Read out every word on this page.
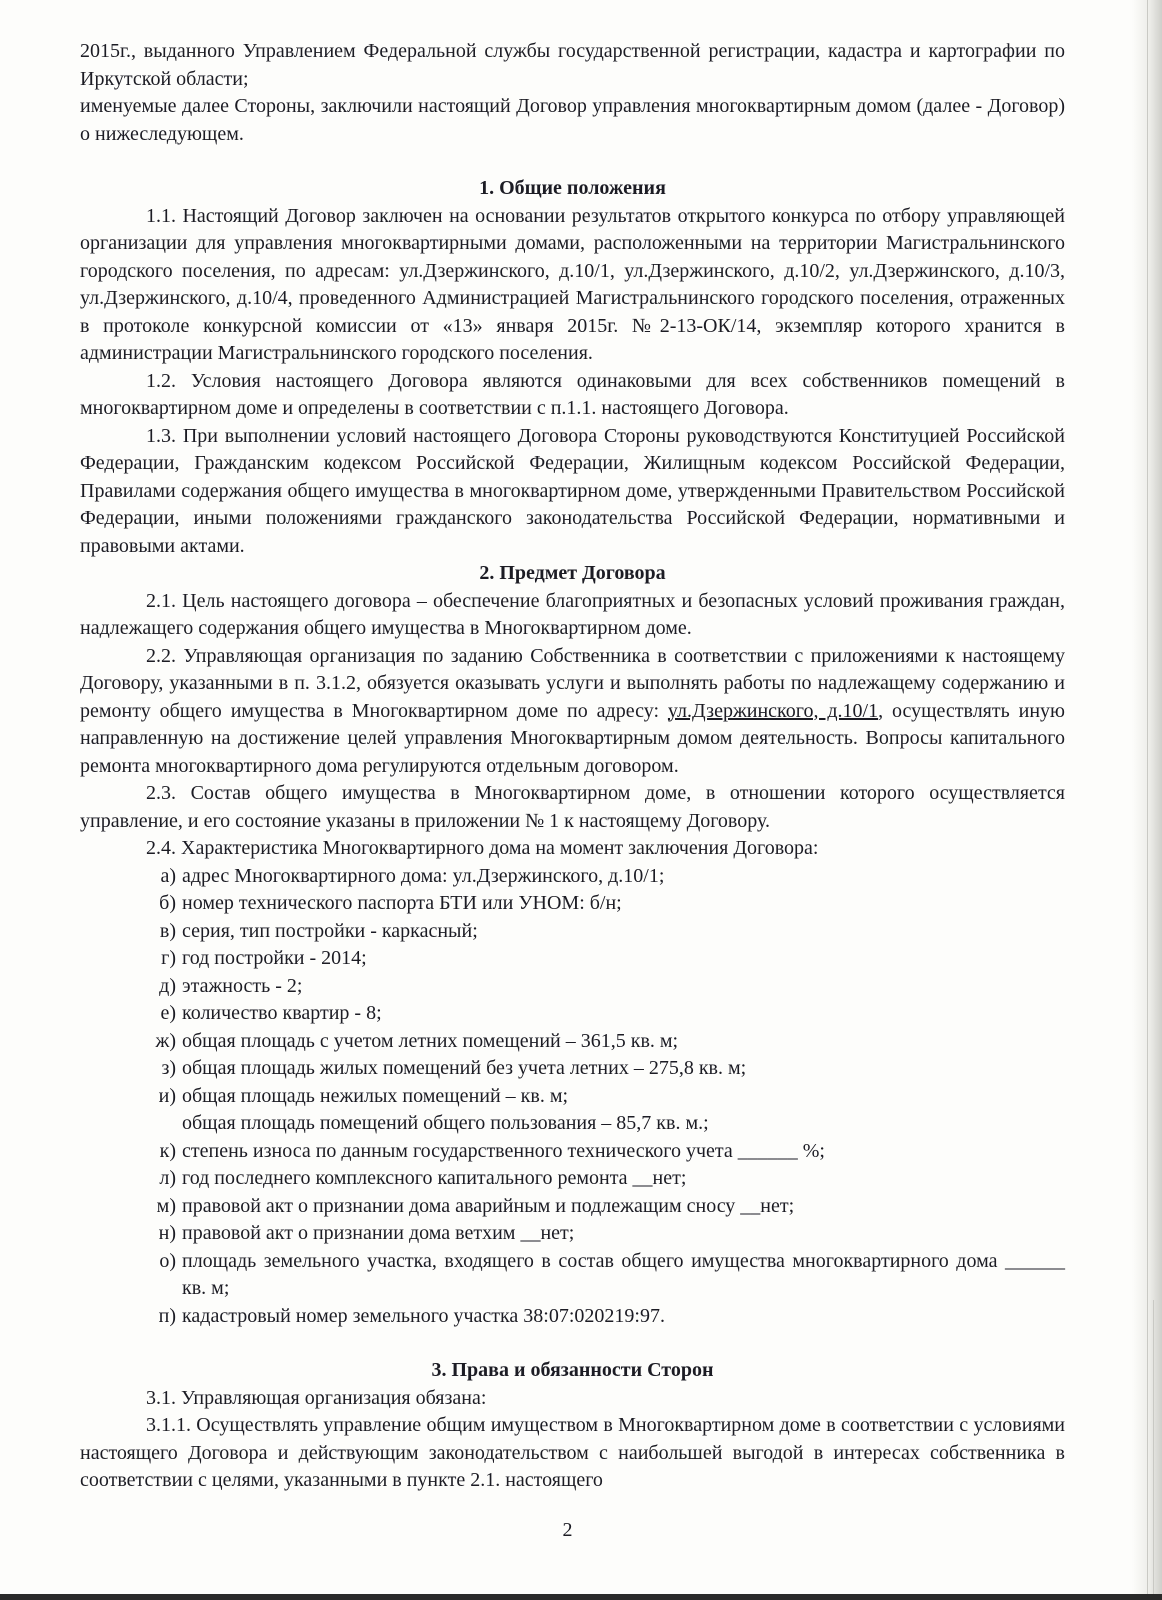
2015г., выданного Управлением Федеральной службы государственной регистрации, кадастра и картографии по Иркутской области;

именуемые далее Стороны, заключили настоящий Договор управления многоквартирным домом (далее - Договор) о нижеследующем.

1. Общие положения

1.1. Настоящий Договор заключен на основании результатов открытого конкурса по отбору управляющей организации для управления многоквартирными домами, расположенными на территории Магистральнинского городского поселения, по адресам: ул.Дзержинского, д.10/1, ул.Дзержинского, д.10/2, ул.Дзержинского, д.10/3, ул.Дзержинского, д.10/4, проведенного Администрацией Магистральнинского городского поселения, отраженных в протоколе конкурсной комиссии от «13» января 2015г. №2-13-ОК/14, экземпляр которого хранится в администрации Магистральнинского городского поселения.

1.2. Условия настоящего Договора являются одинаковыми для всех собственников помещений в многоквартирном доме и определены в соответствии с п.1.1. настоящего Договора.

1.3. При выполнении условий настоящего Договора Стороны руководствуются Конституцией Российской Федерации, Гражданским кодексом Российской Федерации, Жилищным кодексом Российской Федерации, Правилами содержания общего имущества в многоквартирном доме, утвержденными Правительством Российской Федерации, иными положениями гражданского законодательства Российской Федерации, нормативными и правовыми актами.

2. Предмет Договора

2.1. Цель настоящего договора – обеспечение благоприятных и безопасных условий проживания граждан, надлежащего содержания общего имущества в Многоквартирном доме.

2.2. Управляющая организация по заданию Собственника в соответствии с приложениями к настоящему Договору, указанными в п. 3.1.2, обязуется оказывать услуги и выполнять работы по надлежащему содержанию и ремонту общего имущества в Многоквартирном доме по адресу: ул.Дзержинского, д.10/1, осуществлять иную направленную на достижение целей управления Многоквартирным домом деятельность. Вопросы капитального ремонта многоквартирного дома регулируются отдельным договором.

2.3. Состав общего имущества в Многоквартирном доме, в отношении которого осуществляется управление, и его состояние указаны в приложении № 1 к настоящему Договору.

2.4. Характеристика Многоквартирного дома на момент заключения Договора:

а) адрес Многоквартирного дома: ул.Дзержинского, д.10/1;
б) номер технического паспорта БТИ или УНОМ: б/н;
в) серия, тип постройки - каркасный;
г) год постройки - 2014;
д) этажность - 2;
е) количество квартир - 8;
ж) общая площадь с учетом летних помещений – 361,5 кв. м;
з) общая площадь жилых помещений без учета летних – 275,8 кв. м;
и) общая площадь нежилых помещений – кв. м;
общая площадь помещений общего пользования – 85,7 кв. м.;
к) степень износа по данным государственного технического учета ______ %;
л) год последнего комплексного капитального ремонта __нет;
м) правовой акт о признании дома аварийным и подлежащим сносу __нет;
н) правовой акт о признании дома ветхим __нет;
о) площадь земельного участка, входящего в состав общего имущества многоквартирного дома ______ кв. м;
п) кадастровый номер земельного участка 38:07:020219:97.
3. Права и обязанности Сторон

3.1. Управляющая организация обязана:

3.1.1. Осуществлять управление общим имуществом в Многоквартирном доме в соответствии с условиями настоящего Договора и действующим законодательством с наибольшей выгодой в интересах собственника в соответствии с целями, указанными в пункте 2.1. настоящего

2
